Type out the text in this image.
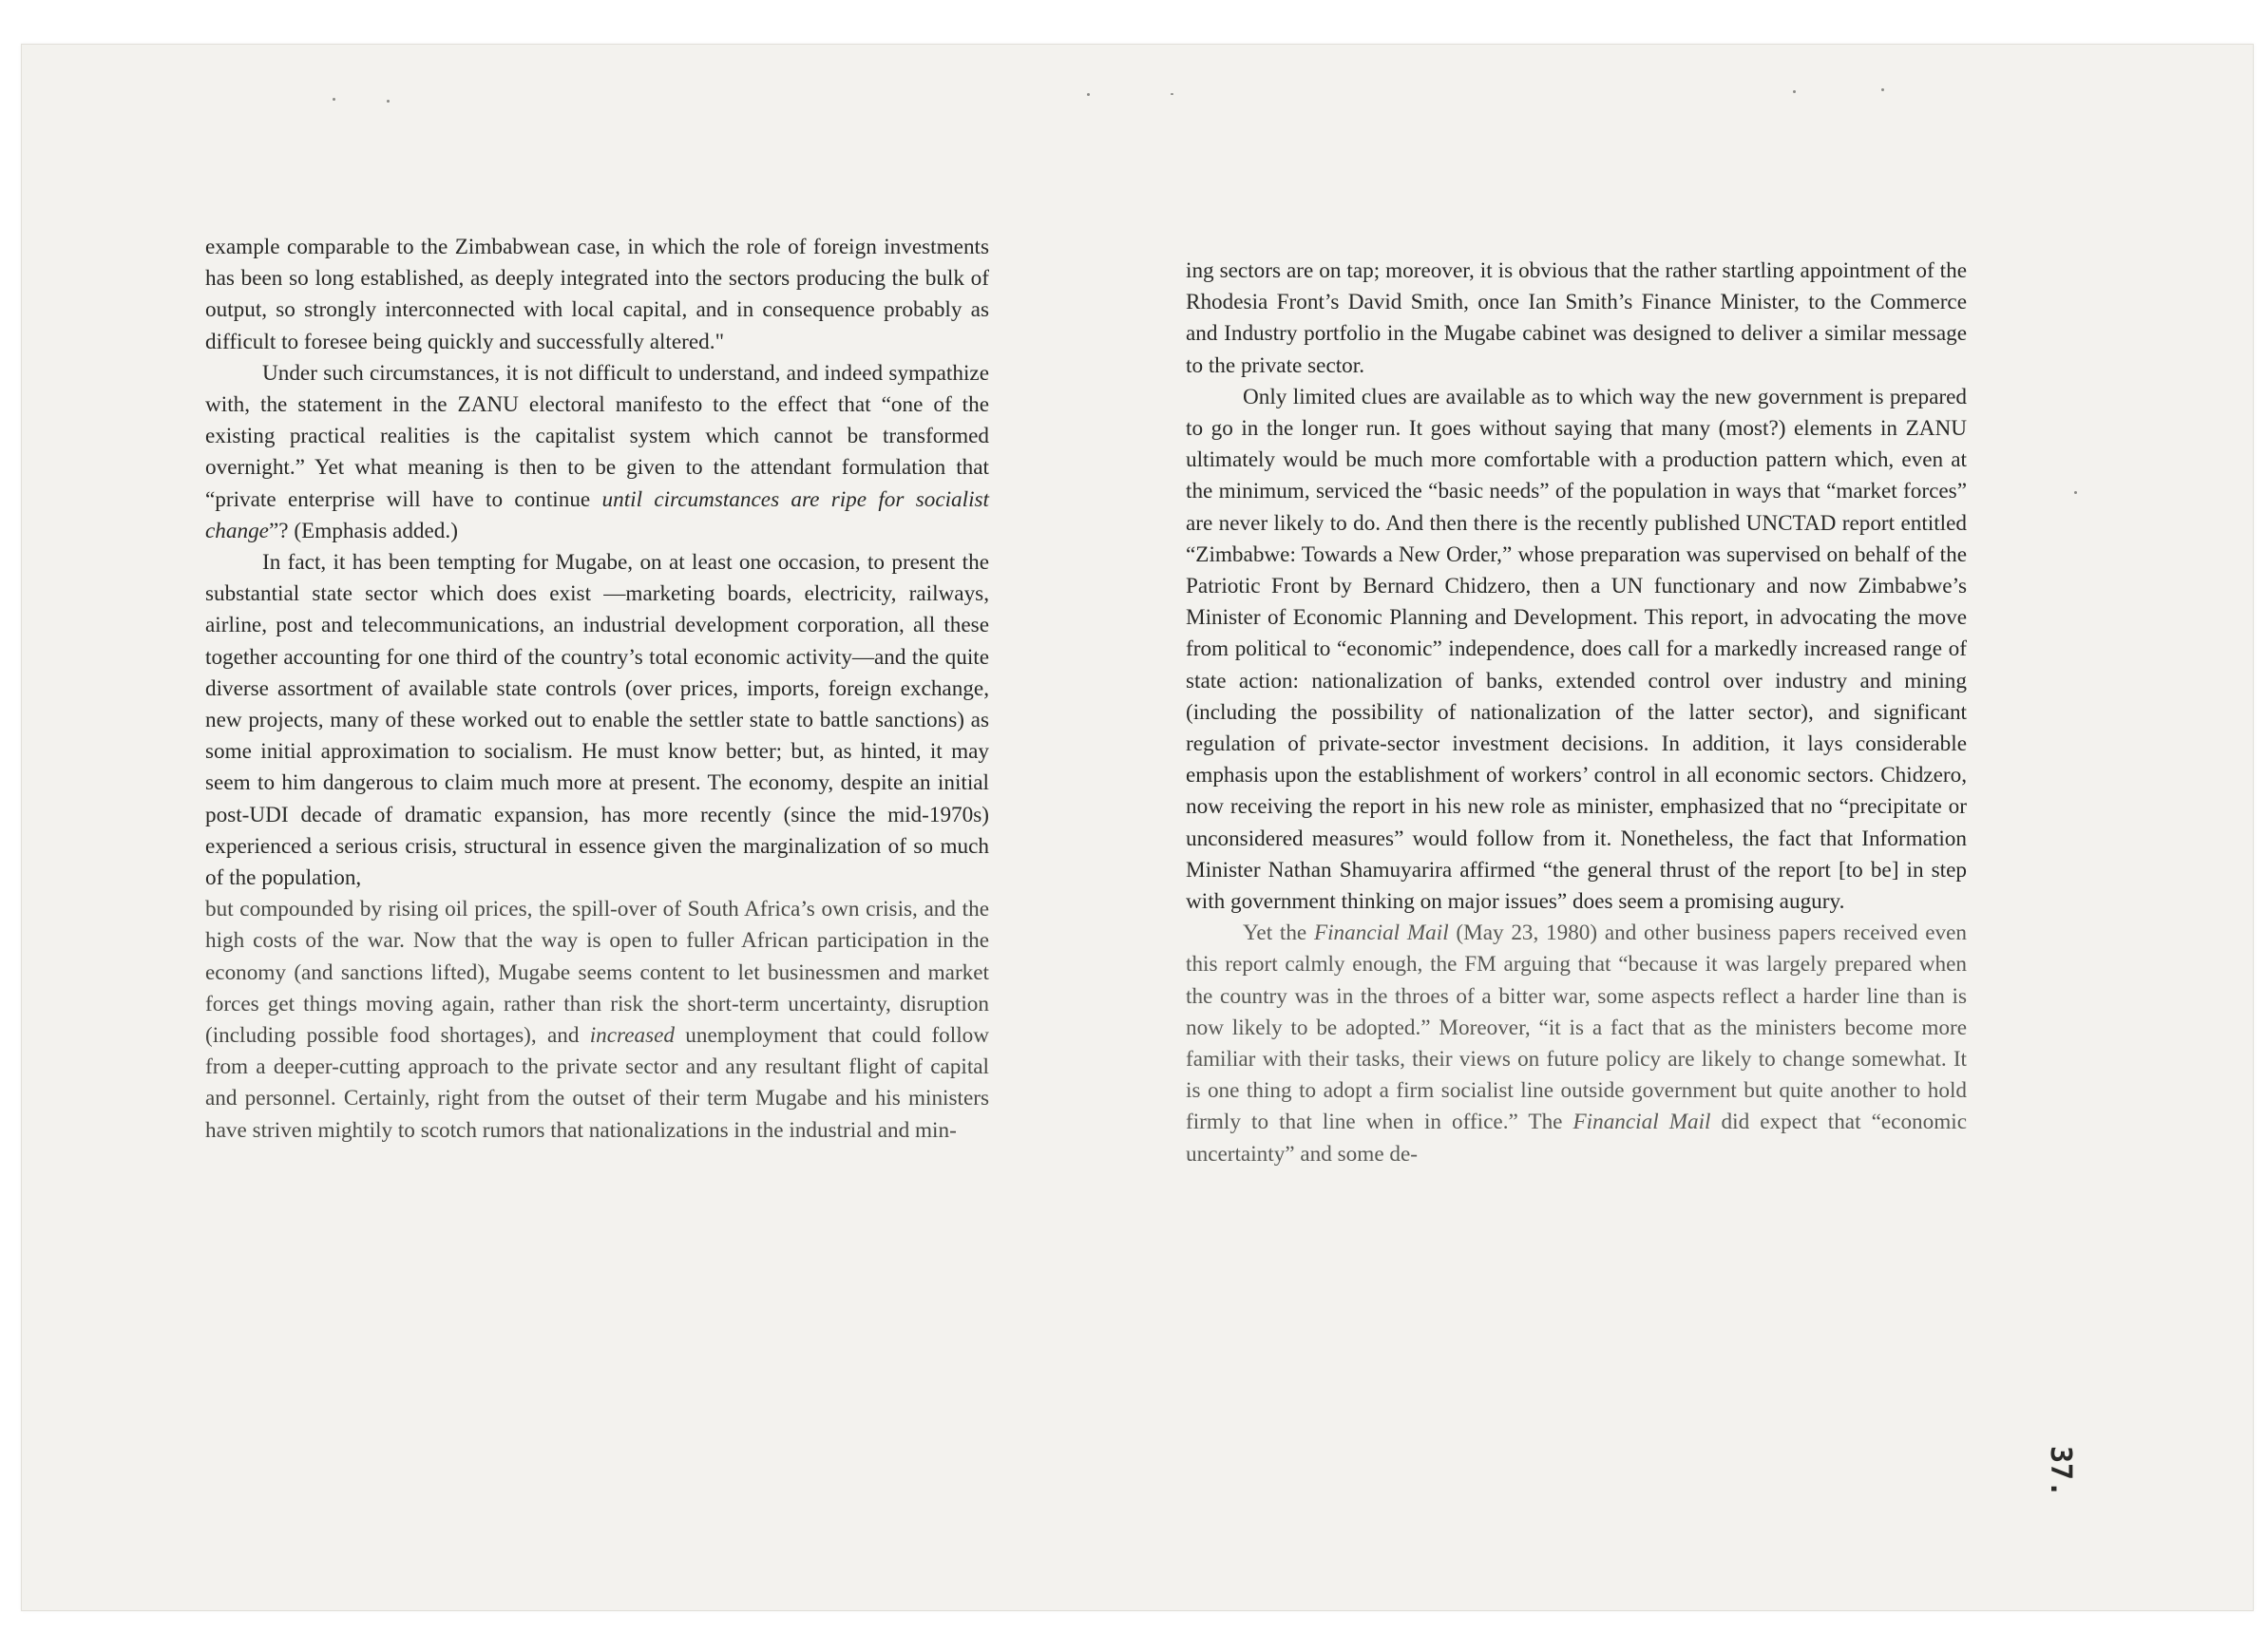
example comparable to the Zimbabwean case, in which the role of foreign investments has been so long established, as deeply integrated into the sectors producing the bulk of output, so strongly interconnected with local capital, and in consequence probably as difficult to foresee being quickly and successfully altered."

Under such circumstances, it is not difficult to understand, and indeed sympathize with, the statement in the ZANU electoral manifesto to the effect that “one of the existing practical realities is the capitalist system which cannot be transformed overnight.” Yet what meaning is then to be given to the attendant formulation that “private enterprise will have to continue until circumstances are ripe for socialist change”? (Emphasis added.)

In fact, it has been tempting for Mugabe, on at least one occasion, to present the substantial state sector which does exist —marketing boards, electricity, railways, airline, post and telecommunications, an industrial development corporation, all these together accounting for one third of the country’s total economic activity—and the quite diverse assortment of available state controls (over prices, imports, foreign exchange, new projects, many of these worked out to enable the settler state to battle sanctions) as some initial approximation to socialism. He must know better; but, as hinted, it may seem to him dangerous to claim much more at present. The economy, despite an initial post-UDI decade of dramatic expansion, has more recently (since the mid-1970s) experienced a serious crisis, structural in essence given the marginalization of so much of the population,

but compounded by rising oil prices, the spill-over of South Africa’s own crisis, and the high costs of the war. Now that the way is open to fuller African participation in the economy (and sanctions lifted), Mugabe seems content to let businessmen and market forces get things moving again, rather than risk the short-term uncertainty, disruption (including possible food shortages), and increased unemployment that could follow from a deeper-cutting approach to the private sector and any resultant flight of capital and personnel. Certainly, right from the outset of their term Mugabe and his ministers have striven mightily to scotch rumors that nationalizations in the industrial and min-

ing sectors are on tap; moreover, it is obvious that the rather startling appointment of the Rhodesia Front’s David Smith, once Ian Smith’s Finance Minister, to the Commerce and Industry portfolio in the Mugabe cabinet was designed to deliver a similar message to the private sector.

Only limited clues are available as to which way the new government is prepared to go in the longer run. It goes without saying that many (most?) elements in ZANU ultimately would be much more comfortable with a production pattern which, even at the minimum, serviced the “basic needs” of the population in ways that “market forces” are never likely to do. And then there is the recently published UNCTAD report entitled “Zimbabwe: Towards a New Order,” whose preparation was supervised on behalf of the Patriotic Front by Bernard Chidzero, then a UN functionary and now Zimbabwe’s Minister of Economic Planning and Development. This report, in advocating the move from political to “economic” independence, does call for a markedly increased range of state action: nationalization of banks, extended control over industry and mining (including the possibility of nationalization of the latter sector), and significant regulation of private-sector investment decisions. In addition, it lays considerable emphasis upon the establishment of workers’ control in all economic sectors. Chidzero, now receiving the report in his new role as minister, emphasized that no “precipitate or unconsidered measures” would follow from it. Nonetheless, the fact that Information Minister Nathan Shamuyarira affirmed “the general thrust of the report [to be] in step with government thinking on major issues” does seem a promising augury.

Yet the Financial Mail (May 23, 1980) and other business papers received even this report calmly enough, the FM arguing that “because it was largely prepared when the country was in the throes of a bitter war, some aspects reflect a harder line than is now likely to be adopted.” Moreover, “it is a fact that as the ministers become more familiar with their tasks, their views on future policy are likely to change somewhat. It is one thing to adopt a firm socialist line outside government but quite another to hold firmly to that line when in office.” The Financial Mail did expect that “economic uncertainty” and some de-

37.
